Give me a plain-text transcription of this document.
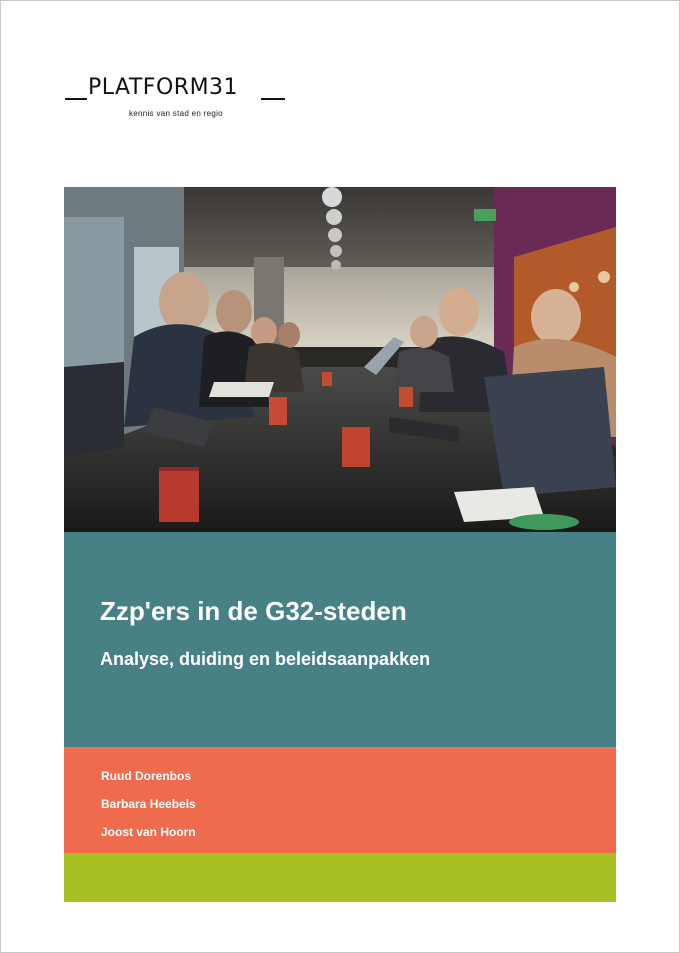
PLATFORM31
kennis van stad en regio
Zzp'ers in de G32-steden
Analyse, duiding en beleidsaanpakken
Ruud Dorenbos
Barbara Heebels
Joost van Hoorn
